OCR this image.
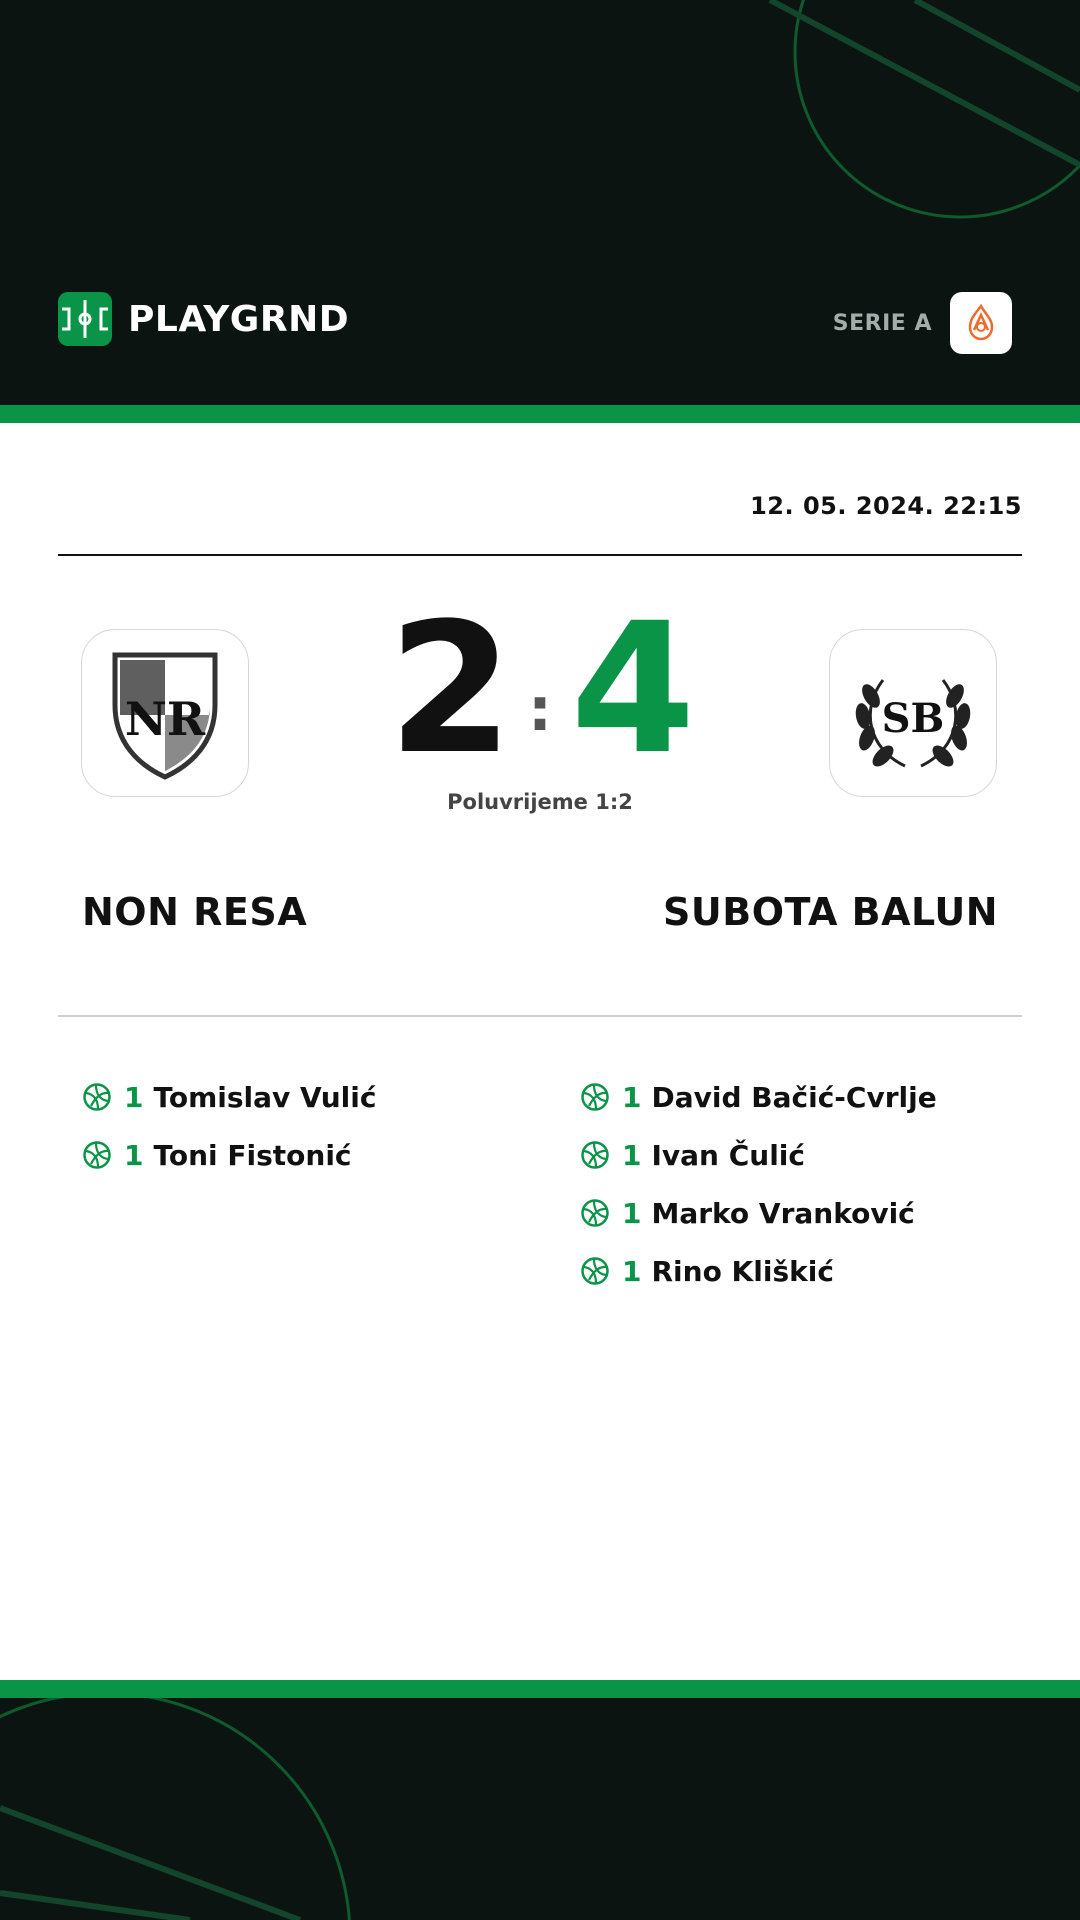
PLAYGRND	SERIE A
12. 05. 2024. 22:15
NR 2 : 4	SB
Poluvrijeme 1:2
NON RESA	SUBOTA BALUN
1 Tomislav Vulić
1 Toni Fistonić
1 David Bačić-Cvrlje
1 Ivan Čulić
1 Marko Vranković
1 Rino Kliškić
